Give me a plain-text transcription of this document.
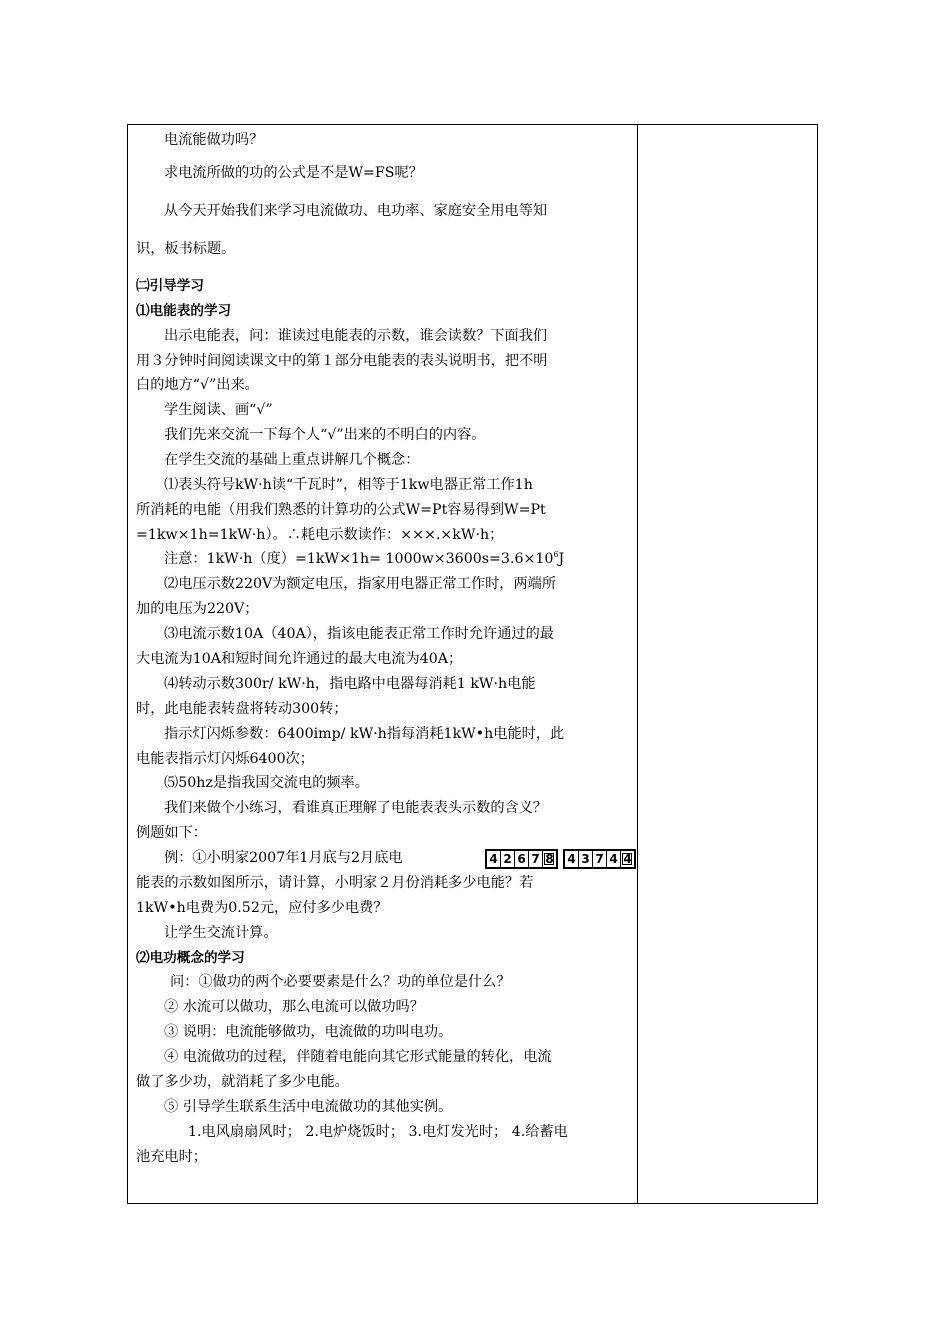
电流能做功吗？
求电流所做的功的公式是不是W=FS呢？
从今天开始我们来学习电流做功、电功率、家庭安全用电等知
识，板书标题。
㈡引导学习
⑴电能表的学习
出示电能表，问：谁读过电能表的示数，谁会读数？下面我们
用３分钟时间阅读课文中的第１部分电能表的表头说明书，把不明
白的地方“√”出来。
学生阅读、画“√”
我们先来交流一下每个人“√”出来的不明白的内容。
在学生交流的基础上重点讲解几个概念：
⑴表头符号kW·h读“千瓦时”，相等于1kw电器正常工作1h
所消耗的电能（用我们熟悉的计算功的公式W=Pt容易得到W=Pt
=1kw×1h=1kW·h）。∴耗电示数读作：×××.×kW·h；
注意：1kW·h（度）$=1kW\times 1h= 1000w\times 3600s=3.6\times 10^6J$
⑵电压示数220V为额定电压，指家用电器正常工作时，两端所
加的电压为220V；
⑶电流示数10A（40A），指该电能表正常工作时允许通过的最
大电流为10A和短时间允许通过的最大电流为40A；
⑷转动示数300r/ kW·h，指电路中电器每消耗1 kW·h电能
时，此电能表转盘将转动300转；
指示灯闪烁参数：6400imp/ kW·h指每消耗1kW•h电能时，此
电能表指示灯闪烁6400次；
⑸50hz是指我国交流电的频率。
我们来做个小练习，看谁真正理解了电能表表头示数的含义？
例题如下：
例：①小明家2007年1月底与2月底电
能表的示数如图所示，请计算，小明家２月份消耗多少电能？若
1kW•h电费为0.52元，应付多少电费？
让学生交流计算。
⑵电功概念的学习
问：①做功的两个必要要素是什么？功的单位是什么？
② 水流可以做功，那么电流可以做功吗？
③ 说明：电流能够做功，电流做的功叫电功。
④ 电流做功的过程，伴随着电能向其它形式能量的转化，电流
做了多少功，就消耗了多少电能。
⑤ 引导学生联系生活中电流做功的其他实例。
1.电风扇扇风时； 2.电炉烧饭时； 3.电灯发光时； 4.给蓄电
池充电时；
4 2 6 7 8 4 3 7 4 4
